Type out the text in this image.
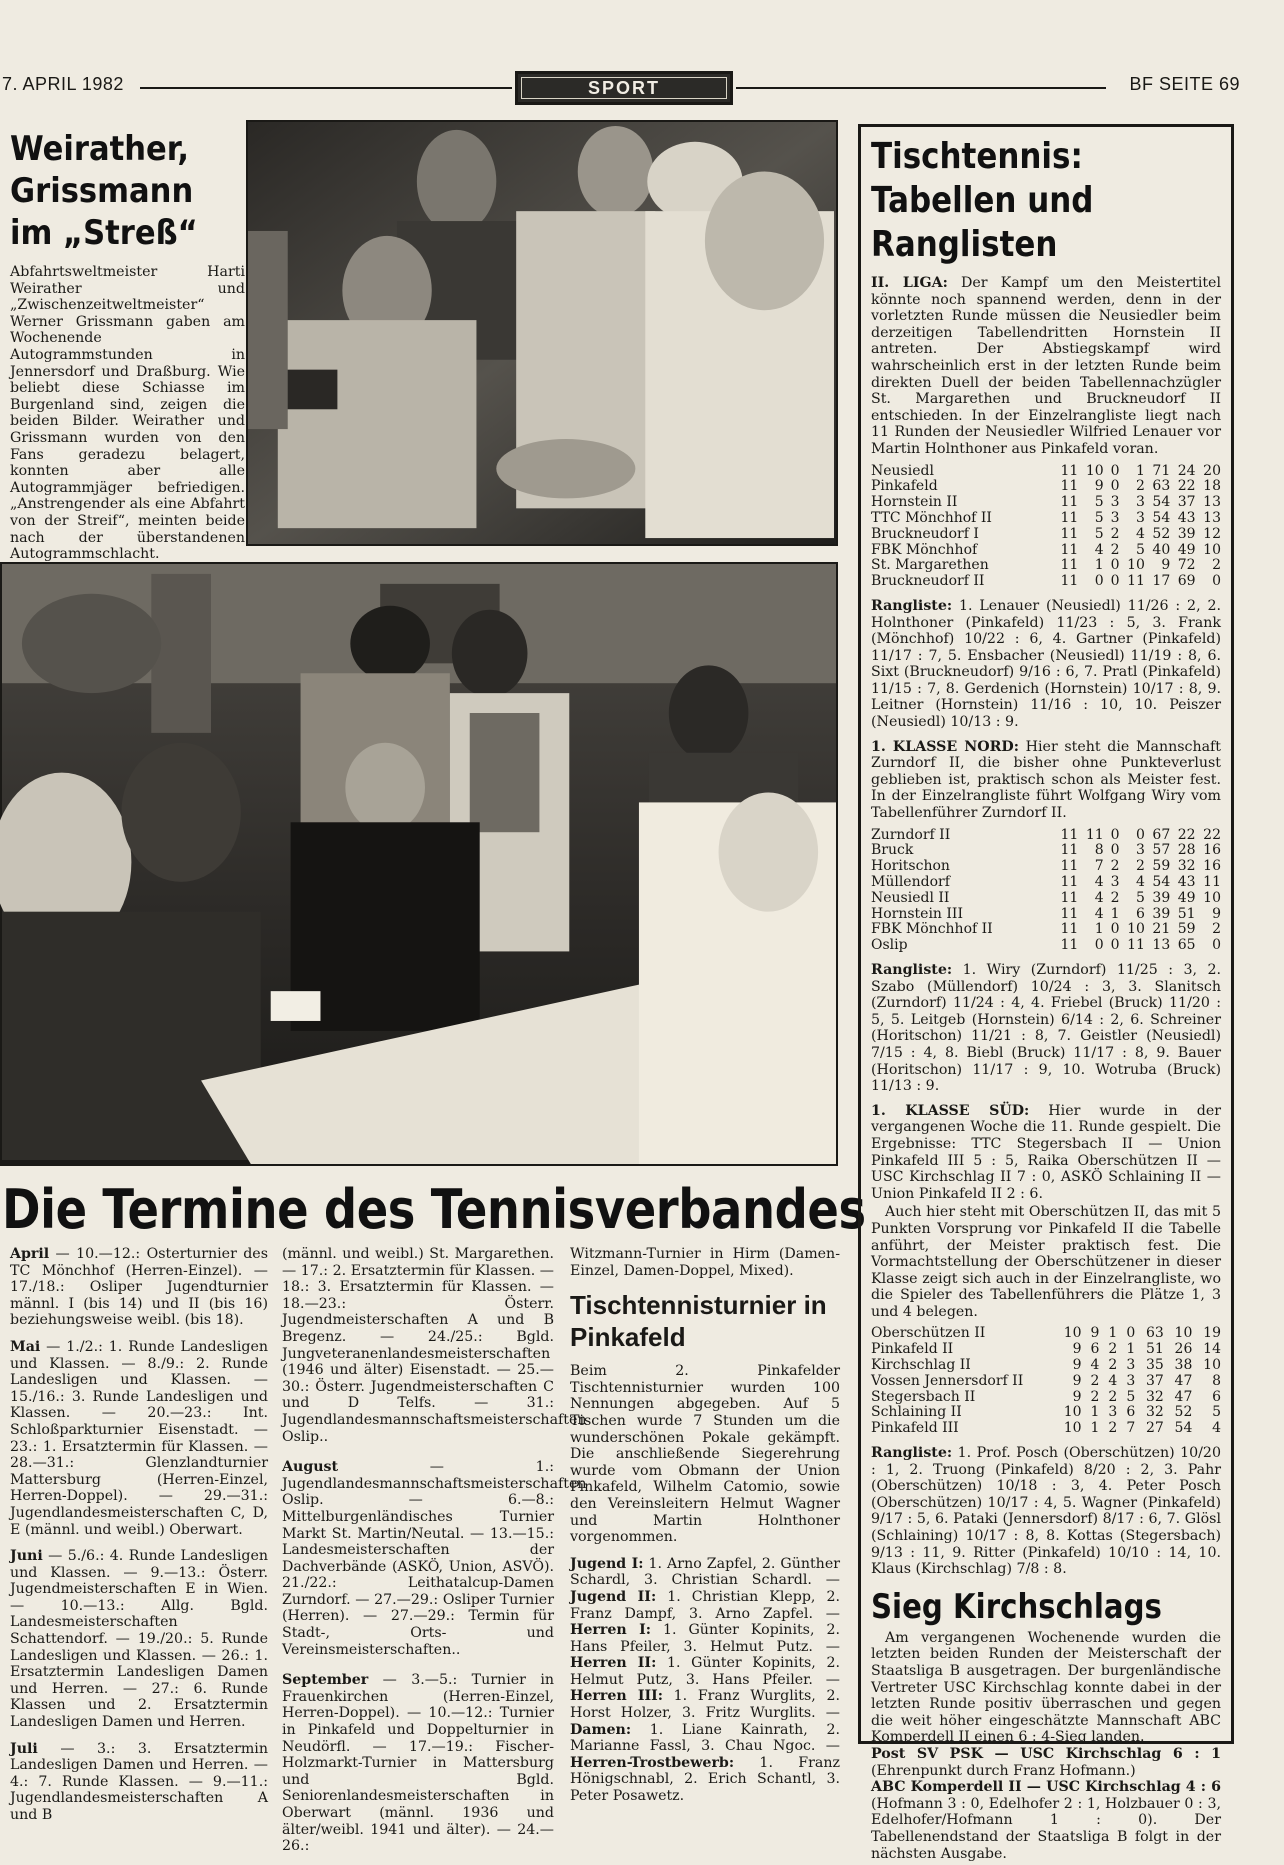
7. APRIL 1982	SPORT	BF SEITE 69
Weirather, Grissmann im „Streß“
Abfahrtsweltmeister Harti Weirather und „Zwischenzeitweltmeister“ Werner Grissmann gaben am Wochenende Autogrammstunden in Jennersdorf und Draßburg. Wie beliebt diese Schiasse im Burgenland sind, zeigen die beiden Bilder. Weirather und Grissmann wurden von den Fans geradezu belagert, konnten aber alle Autogrammjäger befriedigen. „Anstrengender als eine Abfahrt von der Streif“, meinten beide nach der überstandenen Autogrammschlacht.
Die Termine des Tennisverbandes

April — 10.—12.: Osterturnier des TC Mönchhof (Herren-Einzel). — 17./18.: Osliper Jugendturnier männl. I (bis 14) und II (bis 16) beziehungsweise weibl. (bis 18).

Mai — 1./2.: 1. Runde Landesligen und Klassen. — 8./9.: 2. Runde Landesligen und Klassen. — 15./16.: 3. Runde Landesligen und Klassen. — 20.—23.: Int. Schloßparkturnier Eisenstadt. — 23.: 1. Ersatztermin für Klassen. — 28.—31.: Glenzlandturnier Mattersburg (Herren-Einzel, Herren-Doppel). — 29.—31.: Jugendlandesmeisterschaften C, D, E (männl. und weibl.) Oberwart.

Juni — 5./6.: 4. Runde Landesligen und Klassen. — 9.—13.: Österr. Jugendmeisterschaften E in Wien. — 10.—13.: Allg. Bgld. Landesmeisterschaften Schattendorf. — 19./20.: 5. Runde Landesligen und Klassen. — 26.: 1. Ersatztermin Landesligen Damen und Herren. — 27.: 6. Runde Klassen und 2. Ersatztermin Landesligen Damen und Herren.

Juli — 3.: 3. Ersatztermin Landesligen Damen und Herren. — 4.: 7. Runde Klassen. — 9.—11.: Jugendlandesmeisterschaften A und B

(männl. und weibl.) St. Margarethen. — 17.: 2. Ersatztermin für Klassen. — 18.: 3. Ersatztermin für Klassen. — 18.—23.: Österr. Jugendmeisterschaften A und B Bregenz. — 24./25.: Bgld. Jungveteranenlandesmeisterschaften (1946 und älter) Eisenstadt. — 25.—30.: Österr. Jugendmeisterschaften C und D Telfs. — 31.: Jugendlandesmannschaftsmeisterschaften Oslip..

August — 1.: Jugendlandesmannschaftsmeisterschaften Oslip. — 6.—8.: Mittelburgenländisches Turnier Markt St. Martin/Neutal. — 13.—15.: Landesmeisterschaften der Dachverbände (ASKÖ, Union, ASVÖ). 21./22.: Leithatalcup-Damen Zurndorf. — 27.—29.: Osliper Turnier (Herren). — 27.—29.: Termin für Stadt-, Orts- und Vereinsmeisterschaften..

September — 3.—5.: Turnier in Frauenkirchen (Herren-Einzel, Herren-Doppel). — 10.—12.: Turnier in Pinkafeld und Doppelturnier in Neudörfl. — 17.—19.: Fischer-Holzmarkt-Turnier in Mattersburg und Bgld. Seniorenlandesmeisterschaften in Oberwart (männl. 1936 und älter/weibl. 1941 und älter). — 24.—26.:

Witzmann-Turnier in Hirm (Damen-Einzel, Damen-Doppel, Mixed).

Tischtennisturnier in Pinkafeld

Beim 2. Pinkafelder Tischtennisturnier wurden 100 Nennungen abgegeben. Auf 5 Tischen wurde 7 Stunden um die wunderschönen Pokale gekämpft. Die anschließende Siegerehrung wurde vom Obmann der Union Pinkafeld, Wilhelm Catomio, sowie den Vereinsleitern Helmut Wagner und Martin Holnthoner vorgenommen.

Jugend I: 1. Arno Zapfel, 2. Günther Schardl, 3. Christian Schardl. — Jugend II: 1. Christian Klepp, 2. Franz Dampf, 3. Arno Zapfel. — Herren I: 1. Günter Kopinits, 2. Hans Pfeiler, 3. Helmut Putz. — Herren II: 1. Günter Kopinits, 2. Helmut Putz, 3. Hans Pfeiler. — Herren III: 1. Franz Wurglits, 2. Horst Holzer, 3. Fritz Wurglits. — Damen: 1. Liane Kainrath, 2. Marianne Fassl, 3. Chau Ngoc. — Herren-Trostbewerb: 1. Franz Hönigschnabl, 2. Erich Schantl, 3. Peter Posawetz.

Tischtennis: Tabellen und Ranglisten

II. LIGA: Der Kampf um den Meistertitel könnte noch spannend werden, denn in der vorletzten Runde müssen die Neusiedler beim derzeitigen Tabellendritten Hornstein II antreten. Der Abstiegskampf wird wahrscheinlich erst in der letzten Runde beim direkten Duell der beiden Tabellennachzügler St. Margarethen und Bruckneudorf II entschieden. In der Einzelrangliste liegt nach 11 Runden der Neusiedler Wilfried Lenauer vor Martin Holnthoner aus Pinkafeld voran.

Neusiedl	11	10	0	1	71	24	20
Pinkafeld	11	9	0	2	63	22	18
Hornstein II	11	5	3	3	54	37	13
TTC Mönchhof II	11	5	3	3	54	43	13
Bruckneudorf I	11	5	2	4	52	39	12
FBK Mönchhof	11	4	2	5	40	49	10
St. Margarethen	11	1	0	10	9	72	2
Bruckneudorf II	11	0	0	11	17	69	0

Rangliste: 1. Lenauer (Neusiedl) 11/26 : 2, 2. Holnthoner (Pinkafeld) 11/23 : 5, 3. Frank (Mönchhof) 10/22 : 6, 4. Gartner (Pinkafeld) 11/17 : 7, 5. Ensbacher (Neusiedl) 11/19 : 8, 6. Sixt (Bruckneudorf) 9/16 : 6, 7. Pratl (Pinkafeld) 11/15 : 7, 8. Gerdenich (Hornstein) 10/17 : 8, 9. Leitner (Hornstein) 11/16 : 10, 10. Peiszer (Neusiedl) 10/13 : 9.

1. KLASSE NORD: Hier steht die Mannschaft Zurndorf II, die bisher ohne Punkteverlust geblieben ist, praktisch schon als Meister fest. In der Einzelrangliste führt Wolfgang Wiry vom Tabellenführer Zurndorf II.

Zurndorf II	11	11	0	0	67	22	22
Bruck	11	8	0	3	57	28	16
Horitschon	11	7	2	2	59	32	16
Müllendorf	11	4	3	4	54	43	11
Neusiedl II	11	4	2	5	39	49	10
Hornstein III	11	4	1	6	39	51	9
FBK Mönchhof II	11	1	0	10	21	59	2
Oslip	11	0	0	11	13	65	0

Rangliste: 1. Wiry (Zurndorf) 11/25 : 3, 2. Szabo (Müllendorf) 10/24 : 3, 3. Slanitsch (Zurndorf) 11/24 : 4, 4. Friebel (Bruck) 11/20 : 5, 5. Leitgeb (Hornstein) 6/14 : 2, 6. Schreiner (Horitschon) 11/21 : 8, 7. Geistler (Neusiedl) 7/15 : 4, 8. Biebl (Bruck) 11/17 : 8, 9. Bauer (Horitschon) 11/17 : 9, 10. Wotruba (Bruck) 11/13 : 9.

1. KLASSE SÜD: Hier wurde in der vergangenen Woche die 11. Runde gespielt. Die Ergebnisse: TTC Stegersbach II — Union Pinkafeld III 5 : 5, Raika Oberschützen II — USC Kirchschlag II 7 : 0, ASKÖ Schlaining II — Union Pinkafeld II 2 : 6.

Auch hier steht mit Oberschützen II, das mit 5 Punkten Vorsprung vor Pinkafeld II die Tabelle anführt, der Meister praktisch fest. Die Vormachtstellung der Oberschützener in dieser Klasse zeigt sich auch in der Einzelrangliste, wo die Spieler des Tabellenführers die Plätze 1, 3 und 4 belegen.

Oberschützen II	10	9	1	0	63	10	19
Pinkafeld II	9	6	2	1	51	26	14
Kirchschlag II	9	4	2	3	35	38	10
Vossen Jennersdorf II	9	2	4	3	37	47	8
Stegersbach II	9	2	2	5	32	47	6
Schlaining II	10	1	3	6	32	52	5
Pinkafeld III	10	1	2	7	27	54	4

Rangliste: 1. Prof. Posch (Oberschützen) 10/20 : 1, 2. Truong (Pinkafeld) 8/20 : 2, 3. Pahr (Oberschützen) 10/18 : 3, 4. Peter Posch (Oberschützen) 10/17 : 4, 5. Wagner (Pinkafeld) 9/17 : 5, 6. Pataki (Jennersdorf) 8/17 : 6, 7. Glösl (Schlaining) 10/17 : 8, 8. Kottas (Stegersbach) 9/13 : 11, 9. Ritter (Pinkafeld) 10/10 : 14, 10. Klaus (Kirchschlag) 7/8 : 8.

Sieg Kirchschlags

Am vergangenen Wochenende wurden die letzten beiden Runden der Meisterschaft der Staatsliga B ausgetragen. Der burgenländische Vertreter USC Kirchschlag konnte dabei in der letzten Runde positiv überraschen und gegen die weit höher eingeschätzte Mannschaft ABC Komperdell II einen 6 : 4-Sieg landen.

Post SV PSK — USC Kirchschlag 6 : 1 (Ehrenpunkt durch Franz Hofmann.)

ABC Komperdell II — USC Kirchschlag 4 : 6 (Hofmann 3 : 0, Edelhofer 2 : 1, Holzbauer 0 : 3, Edelhofer/Hofmann 1 : 0). Der Tabellenendstand der Staatsliga B folgt in der nächsten Ausgabe.
